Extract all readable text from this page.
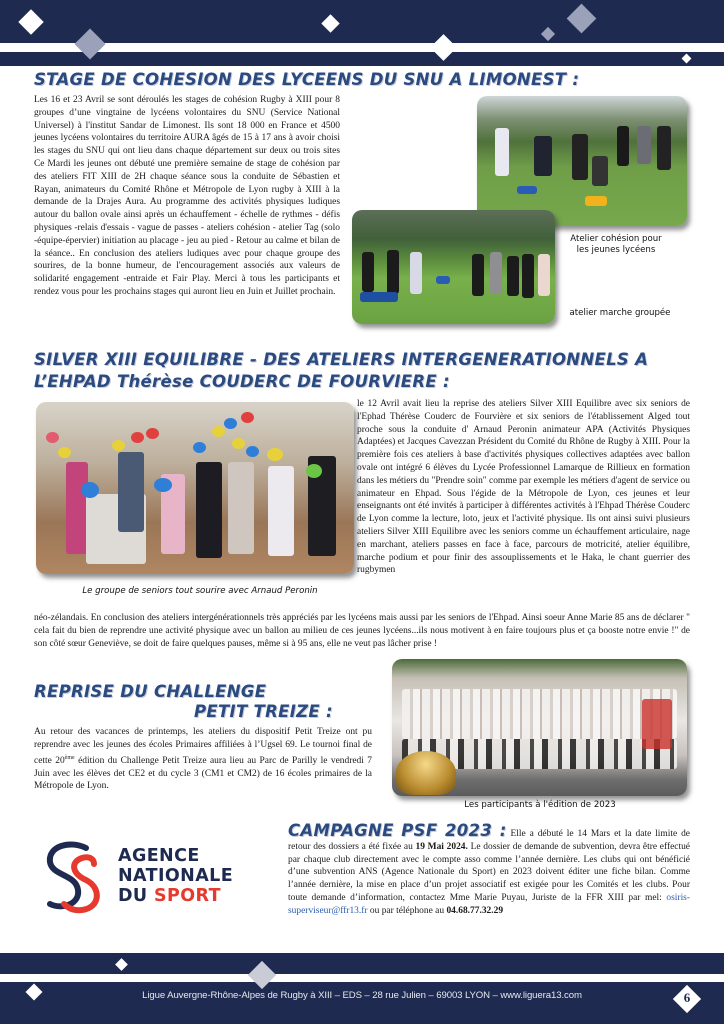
STAGE DE COHESION DES LYCEENS DU SNU A LIMONEST :

Les 16 et 23 Avril se sont déroulés les stages de cohésion Rugby à XIII pour 8 groupes d’une vingtaine de lycéens volontaires du SNU (Service National Universel) à l'institut Sandar de Limonest. Ils sont 18 000 en France et 4500 jeunes lycéens volontaires du territoire AURA âgés de 15 à 17 ans à avoir choisi les stages du SNU qui ont lieu dans chaque département sur deux ou trois sites Ce Mardi les jeunes ont débuté une première semaine de stage de cohésion par des ateliers FIT XIII de 2H chaque séance sous la conduite de Sébastien et Rayan, animateurs du Comité Rhône et Métropole de Lyon rugby à XIII à la demande de la Drajes Aura. Au programme des activités physiques ludiques autour du ballon ovale ainsi après un échauffement - échelle de rythmes - défis physiques -relais d'essais - vague de passes - ateliers cohésion - atelier Tag (solo -équipe-épervier) initiation au placage - jeu au pied - Retour au calme et bilan de la séance.. En conclusion des ateliers ludiques avec pour chaque groupe des sourires, de la bonne humeur, de l'encouragement associés aux valeurs de solidarité engagement -entraide et Fair Play. Merci à tous les participants et rendez vous pour les prochains stages qui auront lieu en Juin et Juillet prochain.

Atelier cohésion pour les jeunes lycéens
atelier marche groupée
SILVER XIII EQUILIBRE - DES ATELIERS INTERGENERATIONNELS A
L’EHPAD Thérèse COUDERC DE FOURVIERE :

le 12 Avril avait lieu la reprise des ateliers Silver XIII Equilibre avec six seniors de l'Ephad Thérèse Couderc de Fourvière et six seniors de l'établissement Alged tout proche sous la conduite d' Arnaud Peronin animateur APA (Activités Physiques Adaptées) et Jacques Cavezzan Président du Comité du Rhône de Rugby à XIII. Pour la première fois ces ateliers à base d'activités physiques collectives adaptées avec ballon ovale ont intégré 6 élèves du Lycée Professionnel Lamarque de Rillieux en formation dans les métiers du "Prendre soin" comme par exemple les métiers d'agent de service ou animateur en Ehpad. Sous l'égide de la Métropole de Lyon, ces jeunes et leur enseignants ont été invités à participer à différentes activités à l'Ehpad Thérèse Couderc de Lyon comme la lecture, loto, jeux et l'activité physique. Ils ont ainsi suivi plusieurs ateliers Silver XIII Equilibre avec les seniors comme un échauffement articulaire, nage en marchant, ateliers passes en face à face, parcours de motricité, atelier équilibre, marche podium et pour finir des assouplissements et le Haka, le chant guerrier des rugbymen

Le groupe de seniors tout sourire avec Arnaud Peronin

néo-zélandais. En conclusion des ateliers intergénérationnels très appréciés par les lycéens mais aussi par les seniors de l'Ehpad. Ainsi soeur Anne Marie 85 ans de déclarer " cela fait du bien de reprendre une activité physique avec un ballon au milieu de ces jeunes lycéens...ils nous motivent à en faire toujours plus et ça booste notre envie !" de son côté sœur Geneviève, se doit de faire quelques pauses, même si à 95 ans, elle ne veut pas lâcher prise !

REPRISE DU CHALLENGE
PETIT TREIZE :

Au retour des vacances de printemps, les ateliers du dispositif Petit Treize ont pu reprendre avec les jeunes des écoles Primaires affiliées à l’Ugsel 69. Le tournoi final de cette 20ème édition du Challenge Petit Treize aura lieu au Parc de Parilly le vendredi 7 Juin avec les élèves det CE2 et du cycle 3 (CM1 et CM2) de 16 écoles primaires de la Métropole de Lyon.

Les participants à l'édition de 2023

CAMPAGNE PSF 2023 : Elle a débuté le 14 Mars et la date limite de retour des dossiers a été fixée au 19 Mai 2024. Le dossier de demande de subvention, devra être effectué par chaque club directement avec le compte asso comme l’année dernière. Les clubs qui ont bénéficié d’une subvention ANS (Agence Nationale du Sport) en 2023 doivent éditer une fiche bilan. Comme l’année dernière, la mise en place d’un projet associatif est exigée pour les Comités et les clubs. Pour toute demande d’information, contactez Mme Marie Puyau, Juriste de la FFR XIII par mel: osiris-superviseur@ffr13.fr ou par téléphone au 04.68.77.32.29

AGENCE
NATIONALE
DU SPORT
Ligue Auvergne-Rhône-Alpes de Rugby à XIII – EDS – 28 rue Julien – 69003 LYON – www.liguera13.com	6
